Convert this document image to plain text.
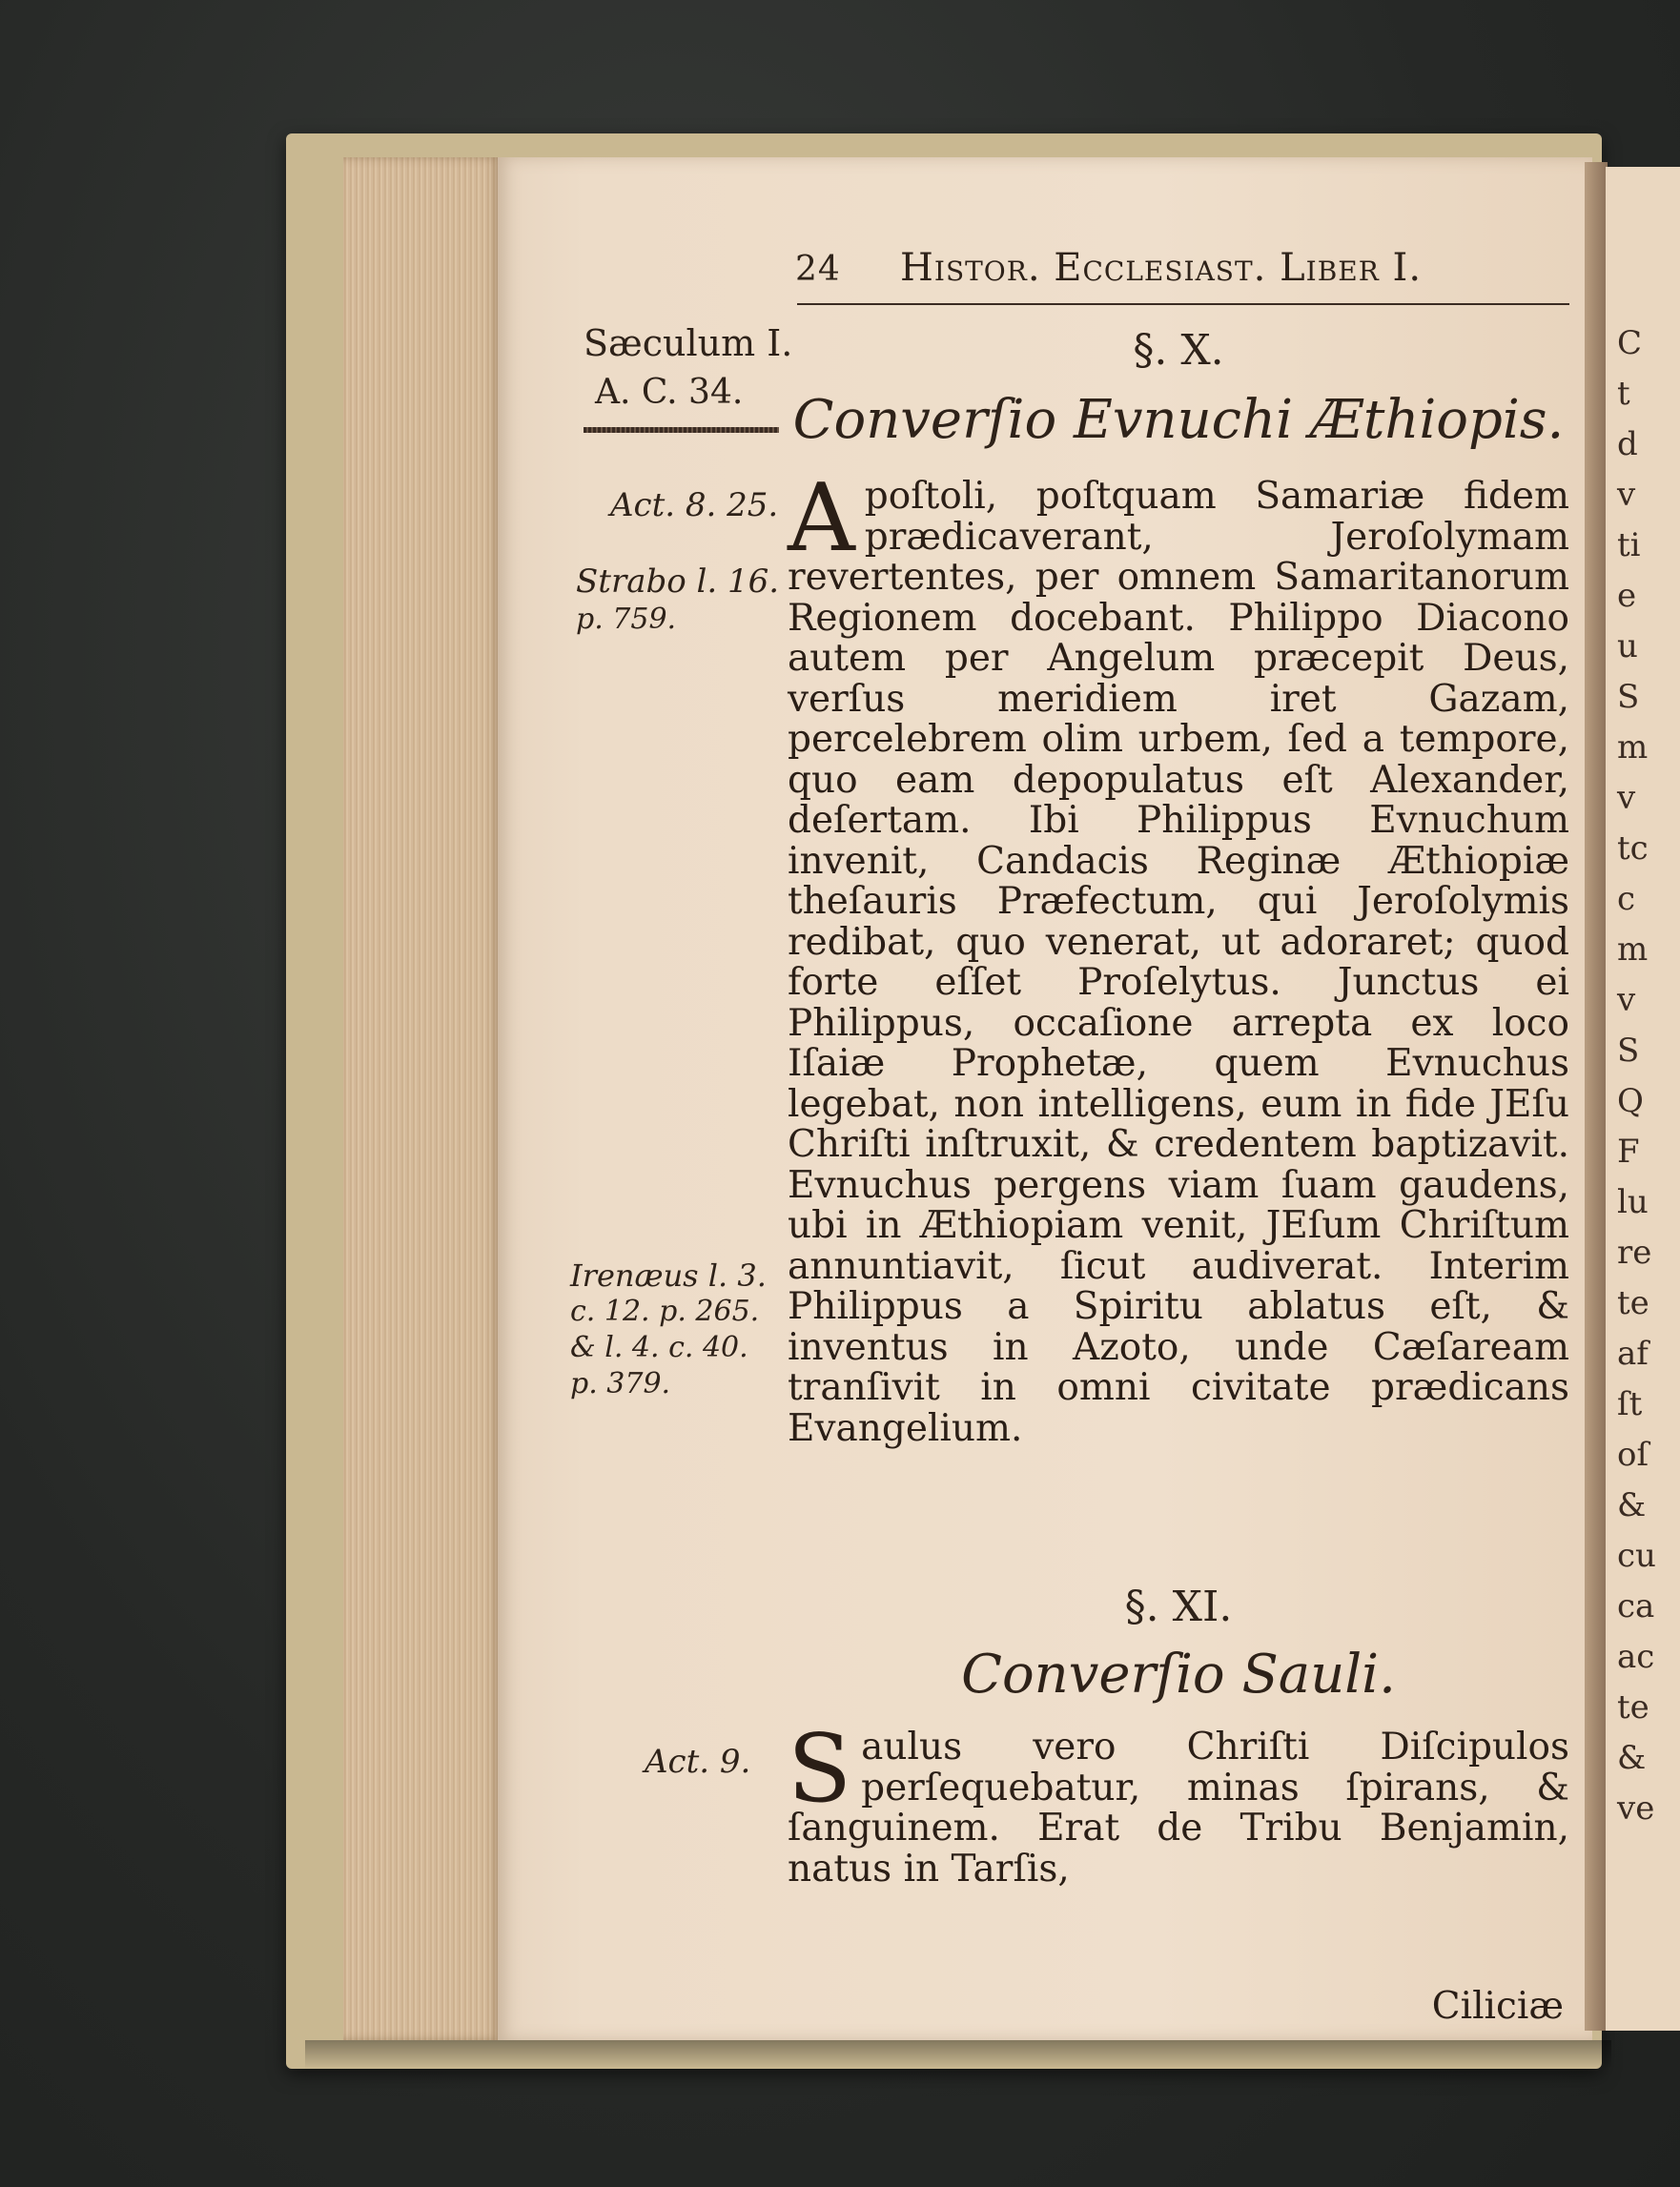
C
t
d
v
ti
e
u
S
m
v
tc
c
m
v
S
Q
F
lu
re
te
af
ſt
oſ
&
cu
ca
ac
te
&
ve
24 Histor. Ecclesiast. Liber I.
Sæculum I.
A. C. 34.
Act. 8. 25.
Strabo l. 16.
p. 759.
Irenæus l. 3.
c. 12. p. 265.
& l. 4. c. 40.
p. 379.
Act. 9.
§. X.
Converſio Evnuchi Æthiopis.

Apoſtoli, poſtquam Samariæ fidem prædicaverant, Jeroſolymam revertentes, per omnem Samaritanorum Regionem docebant. Philippo Diacono autem per Angelum præcepit Deus, verſus meridiem iret Gazam, percelebrem olim urbem, ſed a tempore, quo eam depopulatus eſt Alexander, deſertam. Ibi Philippus Evnuchum invenit, Candacis Reginæ Æthiopiæ theſauris Præfectum, qui Jeroſolymis redibat, quo venerat, ut adoraret; quod forte eſſet Proſelytus. Junctus ei Philippus, occaſione arrepta ex loco Iſaiæ Prophetæ, quem Evnuchus legebat, non intelligens, eum in fide JEſu Chriſti inſtruxit, & credentem baptizavit. Evnuchus pergens viam ſuam gaudens, ubi in Æthiopiam venit, JEſum Chriſtum annuntiavit, ſicut audiverat. Interim Philippus a Spiritu ablatus eſt, & inventus in Azoto, unde Cæſaream tranſivit in omni civitate prædicans Evangelium.

§. XI.
Converſio Sauli.

Saulus vero Chriſti Diſcipulos perſequebatur, minas ſpirans, & ſanguinem. Erat de Tribu Benjamin, natus in Tarſis,

Ciliciæ
